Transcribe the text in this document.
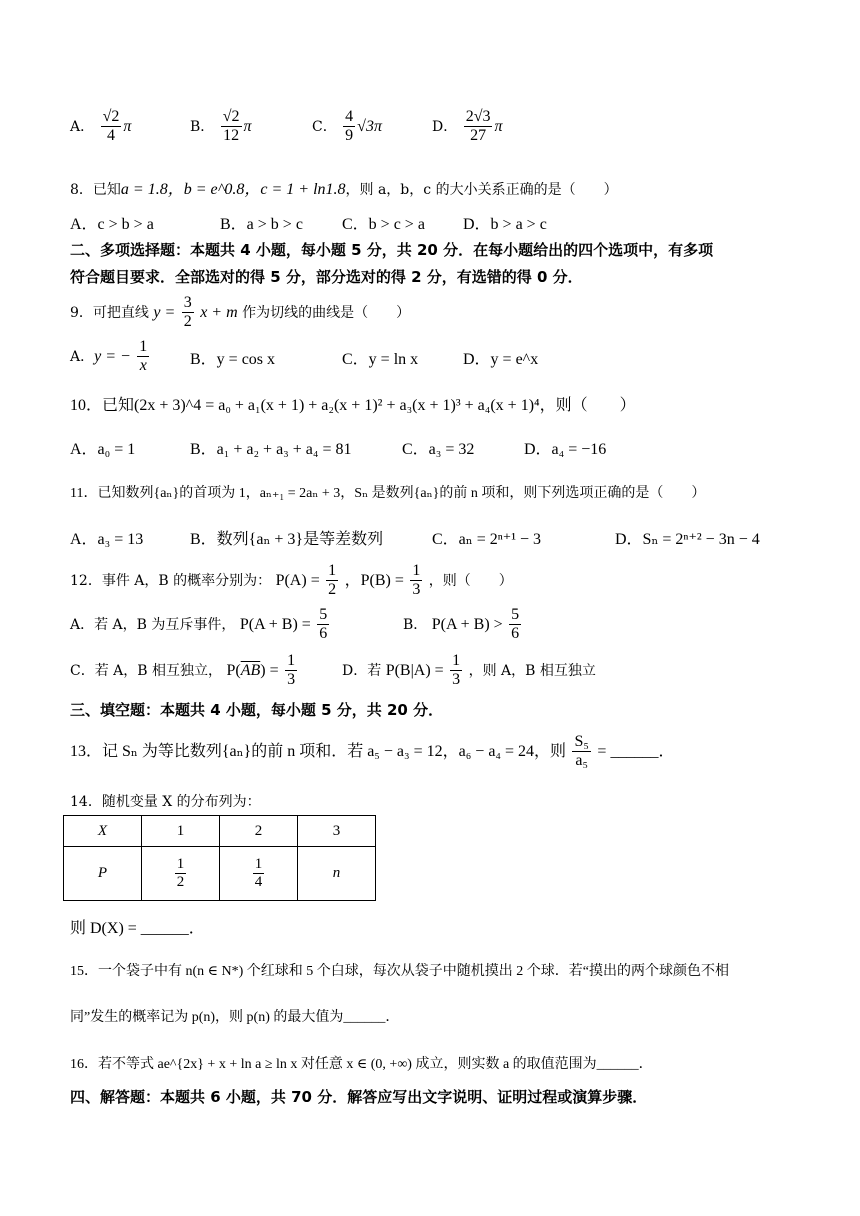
A． $\frac{√2}{4}$ π	B． $\frac{√2}{12}$ π	C． $\frac{4}{9} √3\pi$	D． $\frac{2√3}{27}$ π
8．已知a = 1.8，b = e^0.8，c = 1 + ln1.8，则 a，b，c 的大小关系正确的是（　　）
A．c > b > a	B．a > b > c C．b > c > a D．b > a > c
二、多项选择题：本题共 4 小题，每小题 5 分，共 20 分．在每小题给出的四个选项中，有多项
符合题目要求．全部选对的得 5 分，部分选对的得 2 分，有选错的得 0 分．
9．可把直线 $y = \frac{3}{2}$ x + m 作为切线的曲线是（　　）
A．y = − $\frac{1}{x}$	B．y = cos x	C．y = ln x	D．y = e^x
10．已知(2x + 3)^4 = a₀ + a₁(x + 1) + a₂(x + 1)² + a₃(x + 1)³ + a₄(x + 1)⁴，则（　　）
A．a₀ = 1	B．a₁ + a₂ + a₃ + a₄ = 81	C．a₃ = 32	D．a₄ = −16
11．已知数列{aₙ}的首项为 1，aₙ₊₁ = 2aₙ + 3，Sₙ 是数列{aₙ}的前 n 项和，则下列选项正确的是（　　）
A．a₃ = 13	B．数列{aₙ + 3}是等差数列	C．aₙ = 2ⁿ⁺¹ − 3	D．Sₙ = 2ⁿ⁺² − 3n − 4
12．事件 A，B 的概率分别为： $P(A) = \frac{1}{2}$ ，$P(B) = \frac{1}{3}$ ，则（　　）
A．若 A，B 为互斥事件， $P(A + B) = \frac{5}{6}$	B． $P(A + B) > \frac{5}{6}$
C．若 A，B 相互独立， $P(\overline{AB}) = \frac{1}{3}$	D．若 $P(B|A) = \frac{1}{3}$ ，则 A，B 相互独立
三、填空题：本题共 4 小题，每小题 5 分，共 20 分．
13．记 Sₙ 为等比数列{aₙ}的前 n 项和．若 a₅ − a₃ = 12，a₆ − a₄ = 24，则 $\frac{\text{S₅}}{\text{a₅}}$ = ______．
14．随机变量 X 的分布列为：
X	1	2	3
P	$\frac{1}{2}$	$\frac{1}{4}$	n
则 D(X) = ______．
15．一个袋子中有 n(n ∈ N*) 个红球和 5 个白球，每次从袋子中随机摸出 2 个球．若“摸出的两个球颜色不相
同”发生的概率记为 p(n)，则 p(n) 的最大值为______．
16．若不等式 ae^{2x} + x + ln a ≥ ln x 对任意 x ∈ (0, +∞) 成立，则实数 a 的取值范围为______．
四、解答题：本题共 6 小题，共 70 分．解答应写出文字说明、证明过程或演算步骤．
